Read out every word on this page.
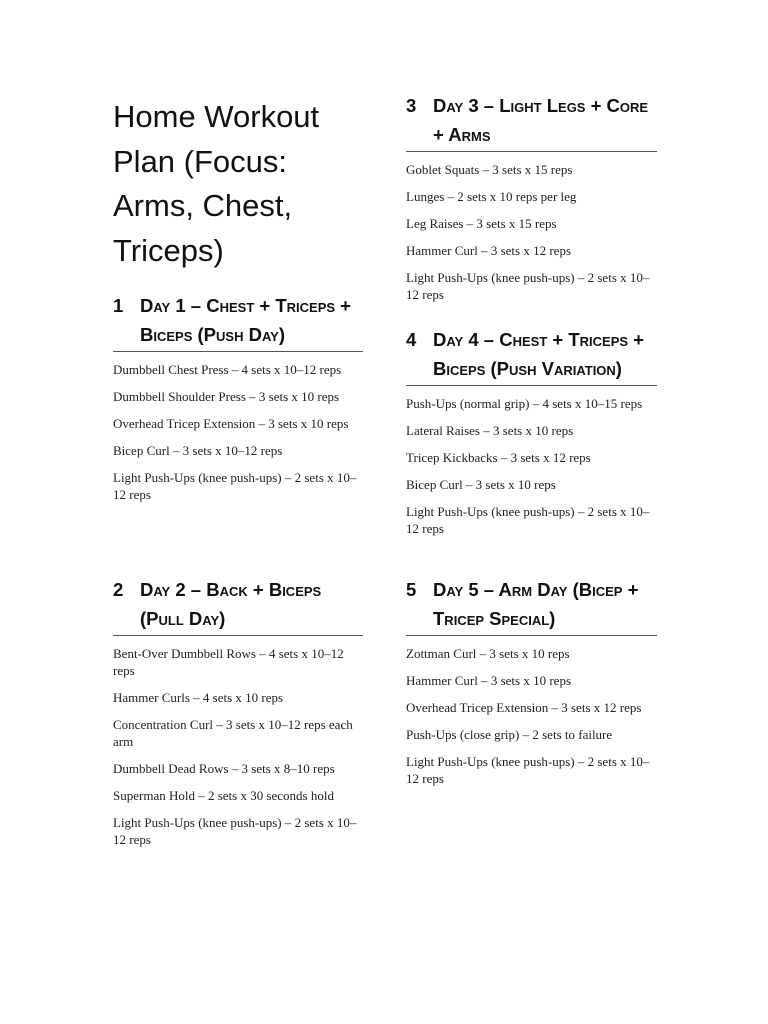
Home Workout Plan (Focus: Arms, Chest, Triceps)
1 Day 1 – Chest + Triceps + Biceps (Push Day)
Dumbbell Chest Press – 4 sets x 10–12 reps
Dumbbell Shoulder Press – 3 sets x 10 reps
Overhead Tricep Extension – 3 sets x 10 reps
Bicep Curl – 3 sets x 10–12 reps
Light Push-Ups (knee push-ups) – 2 sets x 10–12 reps
2 Day 2 – Back + Biceps (Pull Day)
Bent-Over Dumbbell Rows – 4 sets x 10–12 reps
Hammer Curls – 4 sets x 10 reps
Concentration Curl – 3 sets x 10–12 reps each arm
Dumbbell Dead Rows – 3 sets x 8–10 reps
Superman Hold – 2 sets x 30 seconds hold
Light Push-Ups (knee push-ups) – 2 sets x 10–12 reps
3 Day 3 – Light Legs + Core + Arms
Goblet Squats – 3 sets x 15 reps
Lunges – 2 sets x 10 reps per leg
Leg Raises – 3 sets x 15 reps
Hammer Curl – 3 sets x 12 reps
Light Push-Ups (knee push-ups) – 2 sets x 10–12 reps
4 Day 4 – Chest + Triceps + Biceps (Push Variation)
Push-Ups (normal grip) – 4 sets x 10–15 reps
Lateral Raises – 3 sets x 10 reps
Tricep Kickbacks – 3 sets x 12 reps
Bicep Curl – 3 sets x 10 reps
Light Push-Ups (knee push-ups) – 2 sets x 10–12 reps
5 Day 5 – Arm Day (Bicep + Tricep Special)
Zottman Curl – 3 sets x 10 reps
Hammer Curl – 3 sets x 10 reps
Overhead Tricep Extension – 3 sets x 12 reps
Push-Ups (close grip) – 2 sets to failure
Light Push-Ups (knee push-ups) – 2 sets x 10–12 reps
